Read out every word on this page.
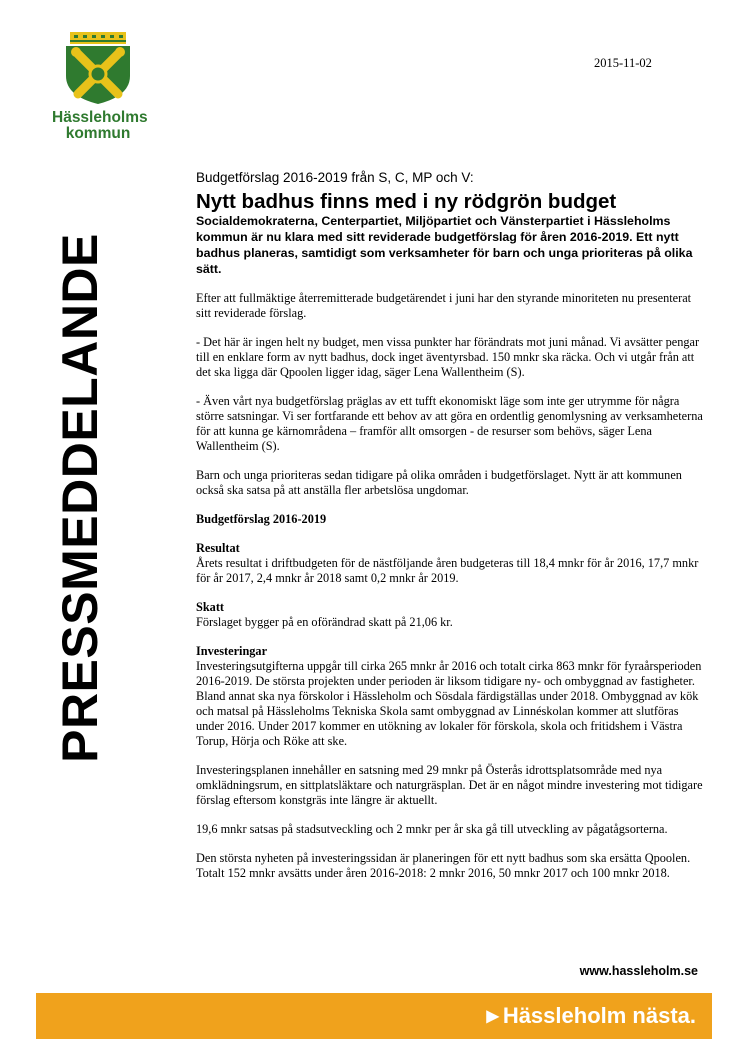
Hässleholms
kommun
2015-11-02
PRESSMEDDELANDE

Budgetförslag 2016-2019 från S, C, MP och V:

Nytt badhus finns med i ny rödgrön budget

Socialdemokraterna, Centerpartiet, Miljöpartiet och Vänsterpartiet i Hässleholms kommun är nu klara med sitt reviderade budgetförslag för åren 2016-2019. Ett nytt badhus planeras, samtidigt som verksamheter för barn och unga prioriteras på olika sätt.

Efter att fullmäktige återremitterade budgetärendet i juni har den styrande minoriteten nu presenterat sitt reviderade förslag.

- Det här är ingen helt ny budget, men vissa punkter har förändrats mot juni månad. Vi avsätter pengar till en enklare form av nytt badhus, dock inget äventyrsbad. 150 mnkr ska räcka. Och vi utgår från att det ska ligga där Qpoolen ligger idag, säger Lena Wallentheim (S).

- Även vårt nya budgetförslag präglas av ett tufft ekonomiskt läge som inte ger utrymme för några större satsningar. Vi ser fortfarande ett behov av att göra en ordentlig genomlysning av verksamheterna för att kunna ge kärnområdena – framför allt omsorgen - de resurser som behövs, säger Lena Wallentheim (S).

Barn och unga prioriteras sedan tidigare på olika områden i budgetförslaget. Nytt är att kommunen också ska satsa på att anställa fler arbetslösa ungdomar.

Budgetförslag 2016-2019

Resultat
Årets resultat i driftbudgeten för de nästföljande åren budgeteras till 18,4 mnkr för år 2016, 17,7 mnkr för år 2017, 2,4 mnkr år 2018 samt 0,2 mnkr år 2019.
Skatt
Förslaget bygger på en oförändrad skatt på 21,06 kr.
Investeringar
Investeringsutgifterna uppgår till cirka 265 mnkr år 2016 och totalt cirka 863 mnkr för fyraårsperioden 2016-2019. De största projekten under perioden är liksom tidigare ny- och ombyggnad av fastigheter. Bland annat ska nya förskolor i Hässleholm och Sösdala färdigställas under 2018. Ombyggnad av kök och matsal på Hässleholms Tekniska Skola samt ombyggnad av Linnéskolan kommer att slutföras under 2016. Under 2017 kommer en utökning av lokaler för förskola, skola och fritidshem i Västra Torup, Hörja och Röke att ske.

Investeringsplanen innehåller en satsning med 29 mnkr på Österås idrottsplatsområde med nya omklädningsrum, en sittplatsläktare och naturgräsplan. Det är en något mindre investering mot tidigare förslag eftersom konstgräs inte längre är aktuellt.

19,6 mnkr satsas på stadsutveckling och 2 mnkr per år ska gå till utveckling av pågatågsorterna.

Den största nyheten på investeringssidan är planeringen för ett nytt badhus som ska ersätta Qpoolen. Totalt 152 mnkr avsätts under åren 2016-2018: 2 mnkr 2016, 50 mnkr 2017 och 100 mnkr 2018.

www.hassleholm.se
▶ Hässleholm nästa.
